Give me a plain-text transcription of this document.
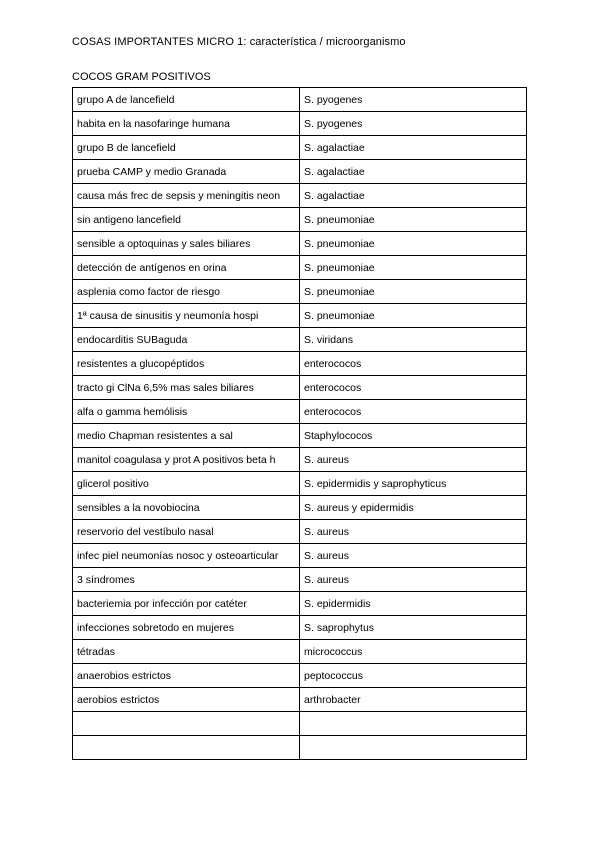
COSAS IMPORTANTES MICRO 1: característica / microorganismo
COCOS GRAM POSITIVOS
grupo A de lancefield	S. pyogenes
habita en la nasofaringe humana	S. pyogenes
grupo B de lancefield	S. agalactiae
prueba CAMP y medio Granada	S. agalactiae
causa más frec de sepsis y meningitis neon	S. agalactiae
sin antigeno lancefield	S. pneumoniae
sensible a optoquinas y sales biliares	S. pneumoniae
detección de antígenos en orina	S. pneumoniae
asplenia como factor de riesgo	S. pneumoniae
1ª causa de sinusitis y neumonía hospi	S. pneumoniae
endocarditis SUBaguda	S. viridans
resistentes a glucopéptidos	enterococos
tracto gi ClNa 6,5% mas sales biliares	enterococos
alfa o gamma hemólisis	enterococos
medio Chapman resistentes a sal	Staphylococos
manitol coagulasa y prot A positivos beta h	S. aureus
glicerol positivo	S. epidermidis y saprophyticus
sensibles a la novobiocina	S. aureus y epidermidis
reservorio del vestíbulo nasal	S. aureus
infec piel neumonías nosoc y osteoarticular	S. aureus
3 síndromes	S. aureus
bacteriemia por infección por catéter	S. epidermidis
infecciones sobretodo en mujeres	S. saprophytus
tétradas	micrococcus
anaerobios estrictos	peptococcus
aerobios estrictos	arthrobacter
